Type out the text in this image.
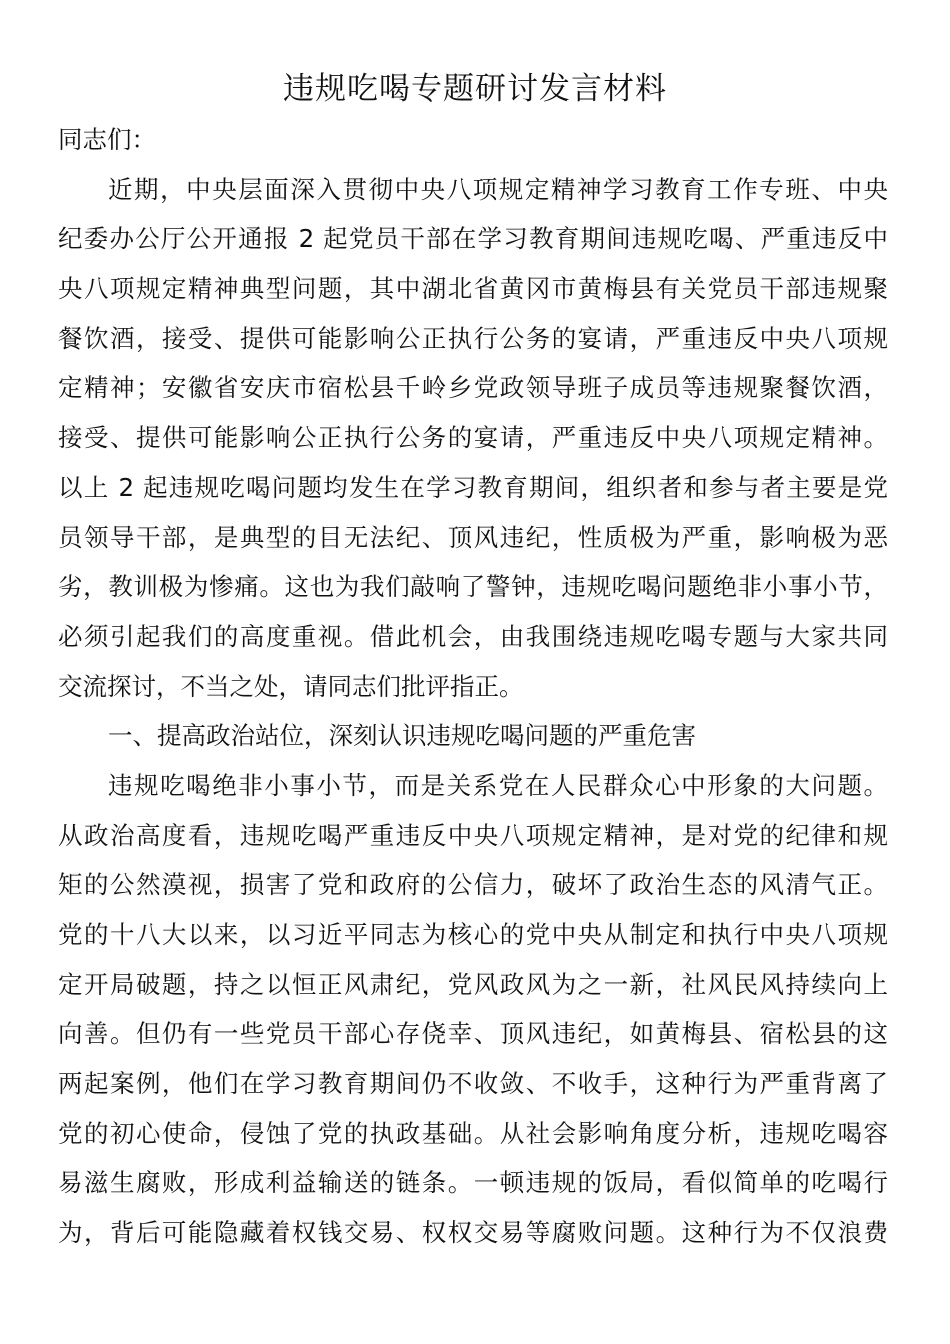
违规吃喝专题研讨发言材料
同志们：
近期，中央层面深入贯彻中央八项规定精神学习教育工作专班、中央
纪委办公厅公开通报 2 起党员干部在学习教育期间违规吃喝、严重违反中
央八项规定精神典型问题，其中湖北省黄冈市黄梅县有关党员干部违规聚
餐饮酒，接受、提供可能影响公正执行公务的宴请，严重违反中央八项规
定精神；安徽省安庆市宿松县千岭乡党政领导班子成员等违规聚餐饮酒，
接受、提供可能影响公正执行公务的宴请，严重违反中央八项规定精神。
以上 2 起违规吃喝问题均发生在学习教育期间，组织者和参与者主要是党
员领导干部，是典型的目无法纪、顶风违纪，性质极为严重，影响极为恶
劣，教训极为惨痛。这也为我们敲响了警钟，违规吃喝问题绝非小事小节，
必须引起我们的高度重视。借此机会，由我围绕违规吃喝专题与大家共同
交流探讨，不当之处，请同志们批评指正。
一、提高政治站位，深刻认识违规吃喝问题的严重危害
违规吃喝绝非小事小节，而是关系党在人民群众心中形象的大问题。
从政治高度看，违规吃喝严重违反中央八项规定精神，是对党的纪律和规
矩的公然漠视，损害了党和政府的公信力，破坏了政治生态的风清气正。
党的十八大以来，以习近平同志为核心的党中央从制定和执行中央八项规
定开局破题，持之以恒正风肃纪，党风政风为之一新，社风民风持续向上
向善。但仍有一些党员干部心存侥幸、顶风违纪，如黄梅县、宿松县的这
两起案例，他们在学习教育期间仍不收敛、不收手，这种行为严重背离了
党的初心使命，侵蚀了党的执政基础。从社会影响角度分析，违规吃喝容
易滋生腐败，形成利益输送的链条。一顿违规的饭局，看似简单的吃喝行
为，背后可能隐藏着权钱交易、权权交易等腐败问题。这种行为不仅浪费
